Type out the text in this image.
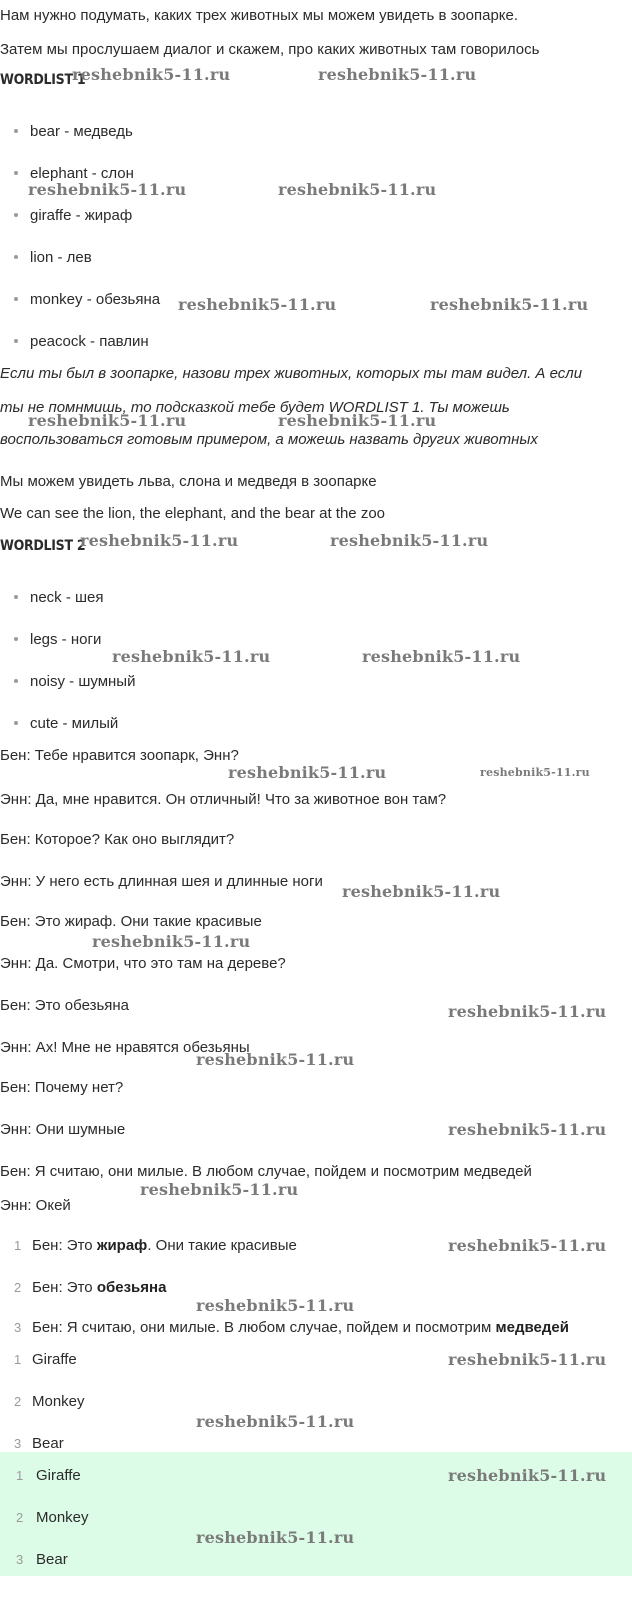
Нам нужно подумать, каких трех животных мы можем увидеть в зоопарке.
Затем мы прослушаем диалог и скажем, про каких животных там говорилось
WORDLIST 1
bear - медведь
elephant - слон
giraffe - жираф
lion - лев
monkey - обезьяна
peacock - павлин
Если ты был в зоопарке, назови трех животных, которых ты там видел. А если
ты не помнмишь, то подсказкой тебе будет WORDLIST 1. Ты можешь
воспользоваться готовым примером, а можешь назвать других животных
Мы можем увидеть льва, слона и медведя в зоопарке
We can see the lion, the elephant, and the bear at the zoo
WORDLIST 2
neck - шея
legs - ноги
noisy - шумный
cute - милый
Бен: Тебе нравится зоопарк, Энн?
Энн: Да, мне нравится. Он отличный! Что за животное вон там?
Бен: Которое? Как оно выглядит?
Энн: У него есть длинная шея и длинные ноги
Бен: Это жираф. Они такие красивые
Энн: Да. Смотри, что это там на дереве?
Бен: Это обезьяна
Энн: Ах! Мне не нравятся обезьяны
Бен: Почему нет?
Энн: Они шумные
Бен: Я считаю, они милые. В любом случае, пойдем и посмотрим медведей
Энн: Окей
1 Бен: Это жираф. Они такие красивые
2 Бен: Это обезьяна
3 Бен: Я считаю, они милые. В любом случае, пойдем и посмотрим медведей
1 Giraffe
2 Monkey
3 Bear
1 Giraffe
2 Monkey
3 Bear
reshebnik5-11.ru	reshebnik5-11.ru
reshebnik5-11.ru	reshebnik5-11.ru
reshebnik5-11.ru	reshebnik5-11.ru
reshebnik5-11.ru	reshebnik5-11.ru
reshebnik5-11.ru	reshebnik5-11.ru
reshebnik5-11.ru	reshebnik5-11.ru
reshebnik5-11.ru	reshebnik5-11.ru
reshebnik5-11.ru
reshebnik5-11.ru
reshebnik5-11.ru
reshebnik5-11.ru
reshebnik5-11.ru
reshebnik5-11.ru
reshebnik5-11.ru
reshebnik5-11.ru
reshebnik5-11.ru
reshebnik5-11.ru
reshebnik5-11.ru
reshebnik5-11.ru
